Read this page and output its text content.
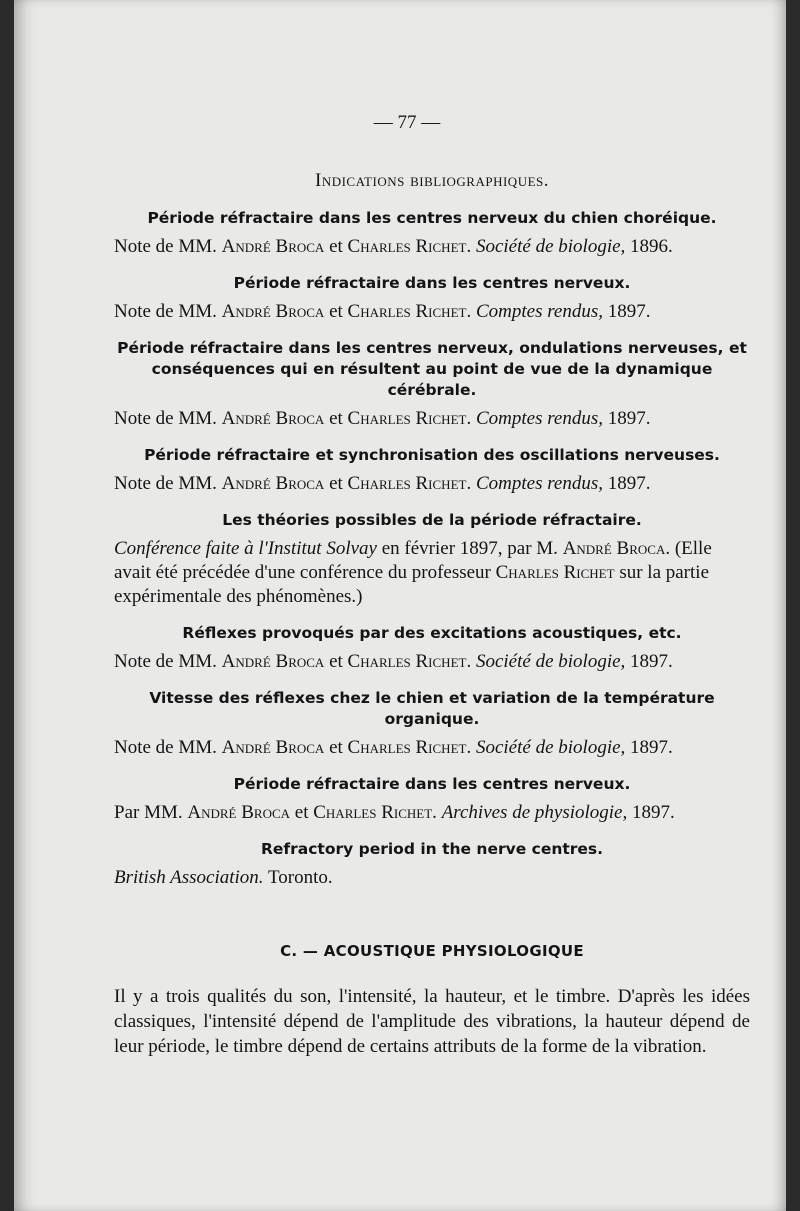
— 77 —
Indications bibliographiques.

Période réfractaire dans les centres nerveux du chien choréique.

Note de MM. André Broca et Charles Richet. Société de biologie, 1896.

Période réfractaire dans les centres nerveux.

Note de MM. André Broca et Charles Richet. Comptes rendus, 1897.

Période réfractaire dans les centres nerveux, ondulations nerveuses, et conséquences qui en résultent au point de vue de la dynamique cérébrale.

Note de MM. André Broca et Charles Richet. Comptes rendus, 1897.

Période réfractaire et synchronisation des oscillations nerveuses.

Note de MM. André Broca et Charles Richet. Comptes rendus, 1897.

Les théories possibles de la période réfractaire.

Conférence faite à l'Institut Solvay en février 1897, par M. André Broca. (Elle avait été précédée d'une conférence du professeur Charles Richet sur la partie expérimentale des phénomènes.)

Réflexes provoqués par des excitations acoustiques, etc.

Note de MM. André Broca et Charles Richet. Société de biologie, 1897.

Vitesse des réflexes chez le chien et variation de la température organique.

Note de MM. André Broca et Charles Richet. Société de biologie, 1897.

Période réfractaire dans les centres nerveux.

Par MM. André Broca et Charles Richet. Archives de physiologie, 1897.

Refractory period in the nerve centres.

British Association. Toronto.

C. — ACOUSTIQUE PHYSIOLOGIQUE

Il y a trois qualités du son, l'intensité, la hauteur, et le timbre. D'après les idées classiques, l'intensité dépend de l'amplitude des vibrations, la hauteur dépend de leur période, le timbre dépend de certains attributs de la forme de la vibration.
